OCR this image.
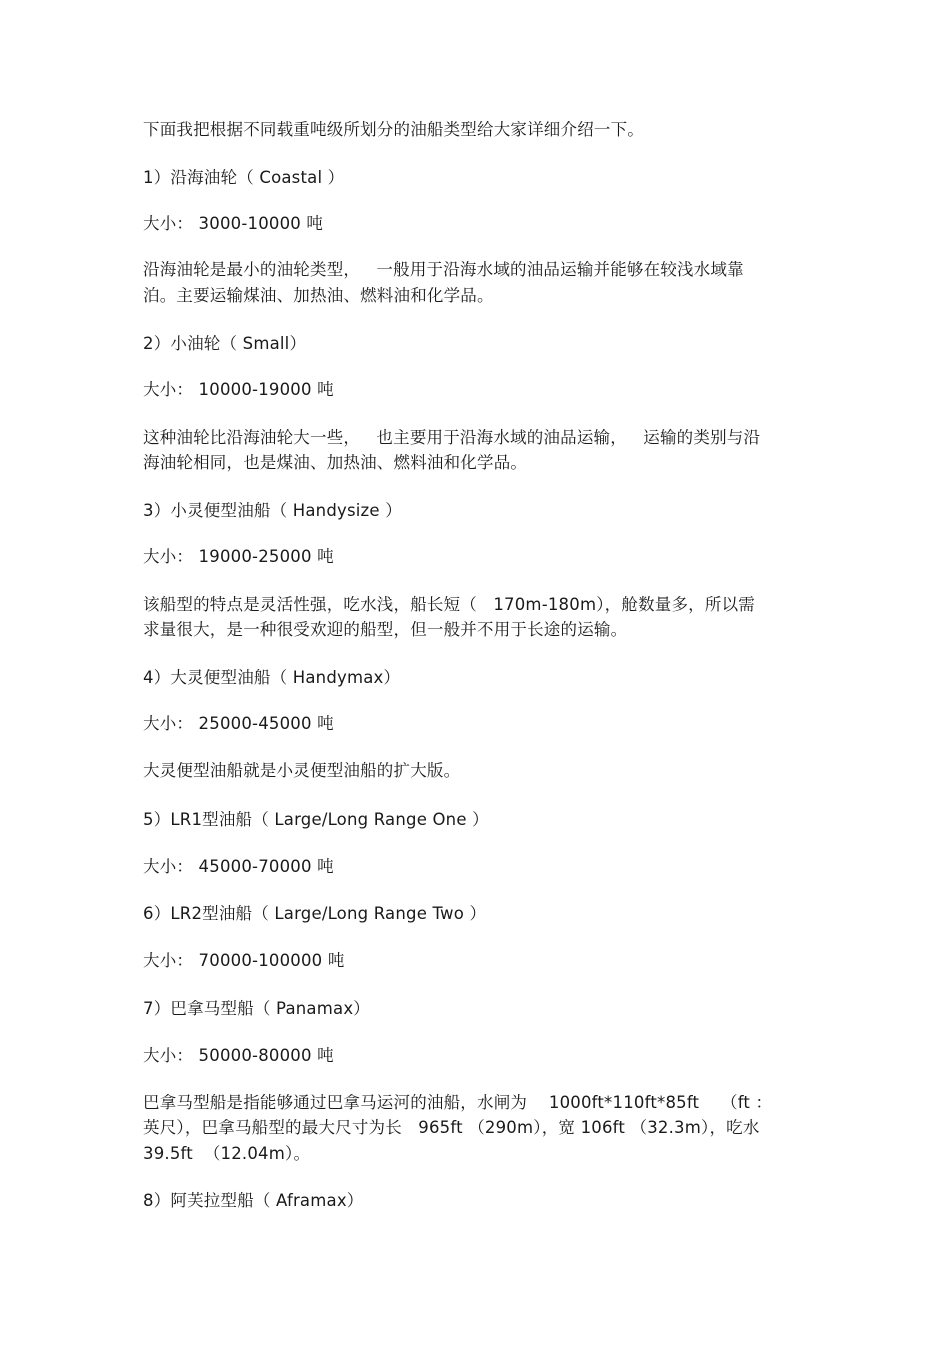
下面我把根据不同载重吨级所划分的油船类型给大家详细介绍一下。
1）沿海油轮（ Coastal ）
大小： 3000-10000 吨
沿海油轮是最小的油轮类型，   一般用于沿海水域的油品运输并能够在较浅水域靠
泊。主要运输煤油、加热油、燃料油和化学品。
2）小油轮（ Small）
大小： 10000-19000 吨
这种油轮比沿海油轮大一些，   也主要用于沿海水域的油品运输，   运输的类别与沿
海油轮相同，也是煤油、加热油、燃料油和化学品。
3）小灵便型油船（ Handysize ）
大小： 19000-25000 吨
该船型的特点是灵活性强，吃水浅，船长短（   170m-180m），舱数量多，所以需
求量很大，是一种很受欢迎的船型，但一般并不用于长途的运输。
4）大灵便型油船（ Handymax）
大小： 25000-45000 吨
大灵便型油船就是小灵便型油船的扩大版。
5）LR1型油船（ Large/Long Range One ）
大小： 45000-70000 吨
6）LR2型油船（ Large/Long Range Two ）
大小： 70000-100000 吨
7）巴拿马型船（ Panamax）
大小： 50000-80000 吨
巴拿马型船是指能够通过巴拿马运河的油船，水闸为    1000ft*110ft*85ft    （ft ：
英尺），巴拿马船型的最大尺寸为长   965ft （290m），宽 106ft （32.3m），吃水
39.5ft  （12.04m）。
8）阿芙拉型船（ Aframax）
